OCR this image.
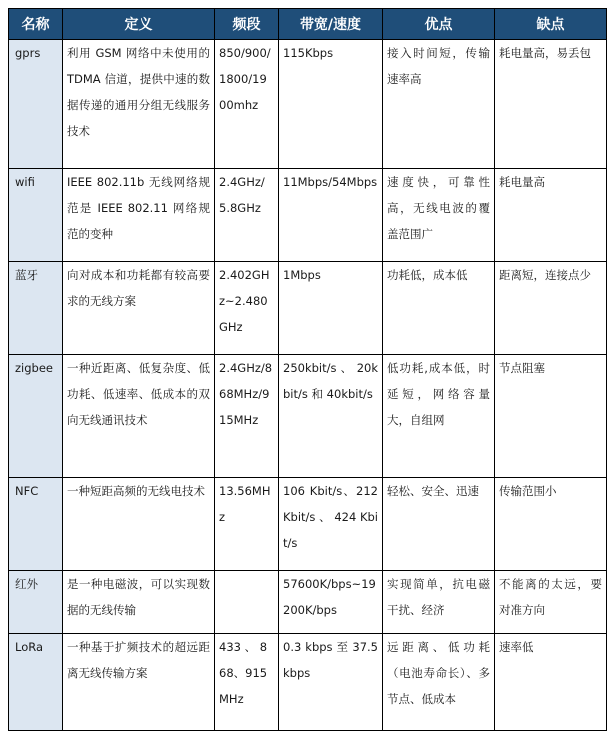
名称	定义	频段	带宽/速度	优点	缺点
gprs	利用 GSM 网络中未使用的 TDMA 信道，提供中速的数据传递的通用分组无线服务技术	850/900/1800/1900mhz	115Kbps	接入时间短，传输速率高	耗电量高，易丢包
wifi	IEEE 802.11b 无线网络规范是 IEEE 802.11 网络规范的变种	2.4GHz/5.8GHz	11Mbps/54Mbps	速度快，可靠性高，无线电波的覆盖范围广	耗电量高
蓝牙	向对成本和功耗都有较高要求的无线方案	2.402GHz~2.480GHz	1Mbps	功耗低，成本低	距离短，连接点少
zigbee	一种近距离、低复杂度、低功耗、低速率、低成本的双向无线通讯技术	2.4GHz/868MHz/915MHz	250kbit/s 、 20kbit/s 和 40kbit/s	低功耗,成本低，时延短，网络容量大，自组网	节点阻塞
NFC	一种短距高频的无线电技术	13.56MHz	106 Kbit/s、212 Kbit/s 、 424 Kbit/s	轻松、安全、迅速	传输范围小
红外	是一种电磁波，可以实现数据的无线传输		57600K/bps~19200K/bps	实现简单，抗电磁干扰、经济	不能离的太远，要对准方向
LoRa	一种基于扩频技术的超远距离无线传输方案	433 、 868、915MHz	0.3 kbps 至 37.5 kbps	远距离、低功耗（电池寿命长）、多节点、低成本	速率低
